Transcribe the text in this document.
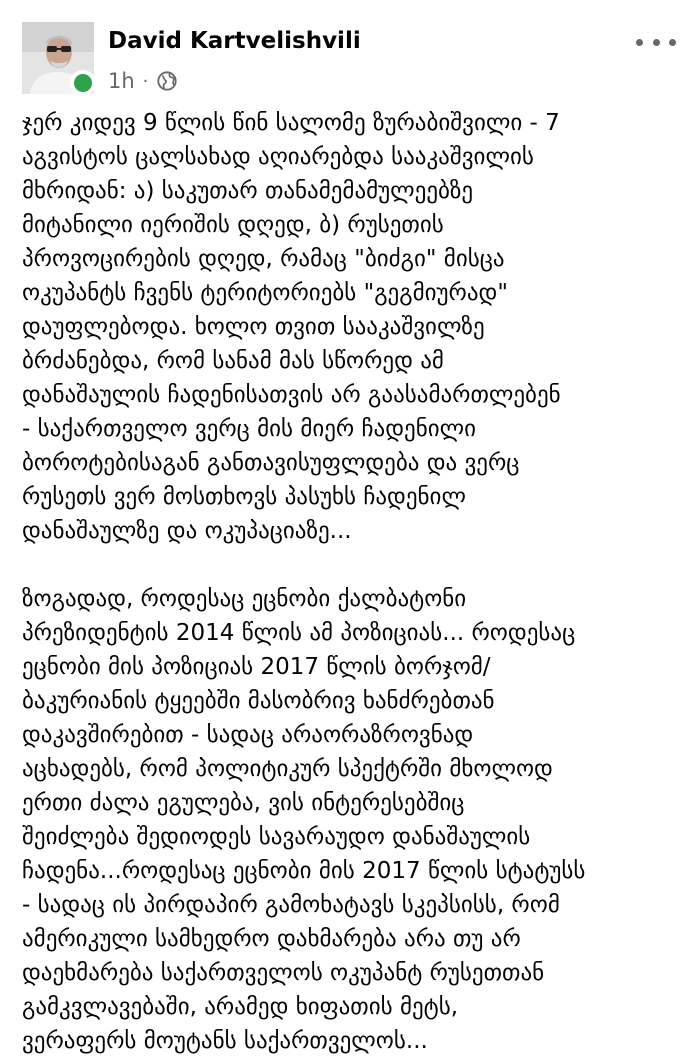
David Kartvelishvili
1h ·

ჯერ კიდევ 9 წლის წინ სალომე ზურაბიშვილი - 7
აგვისტოს ცალსახად აღიარებდა სააკაშვილის
მხრიდან: ა) საკუთარ თანამემამულეებზე
მიტანილი იერიშის დღედ, ბ) რუსეთის
პროვოცირების დღედ, რამაც "ბიძგი" მისცა
ოკუპანტს ჩვენს ტერიტორიებს "გეგმიურად"
დაუფლებოდა. ხოლო თვით სააკაშვილზე
ბრძანებდა, რომ სანამ მას სწორედ ამ
დანაშაულის ჩადენისათვის არ გაასამართლებენ
- საქართველო ვერც მის მიერ ჩადენილი
ბოროტებისაგან განთავისუფლდება და ვერც
რუსეთს ვერ მოსთხოვს პასუხს ჩადენილ
დანაშაულზე და ოკუპაციაზე...

ზოგადად, როდესაც ეცნობი ქალბატონი
პრეზიდენტის 2014 წლის ამ პოზიციას... როდესაც
ეცნობი მის პოზიციას 2017 წლის ბორჯომ/
ბაკურიანის ტყეებში მასობრივ ხანძრებთან
დაკავშირებით - სადაც არაორაზროვნად
აცხადებს, რომ პოლიტიკურ სპექტრში მხოლოდ
ერთი ძალა ეგულება, ვის ინტერესებშიც
შეიძლება შედიოდეს სავარაუდო დანაშაულის
ჩადენა...როდესაც ეცნობი მის 2017 წლის სტატუსს
- სადაც ის პირდაპირ გამოხატავს სკეპსისს, რომ
ამერიკული სამხედრო დახმარება არა თუ არ
დაეხმარება საქართველოს ოკუპანტ რუსეთთან
გამკვლავებაში, არამედ ხიფათის მეტს,
ვერაფერს მოუტანს საქართველოს...
